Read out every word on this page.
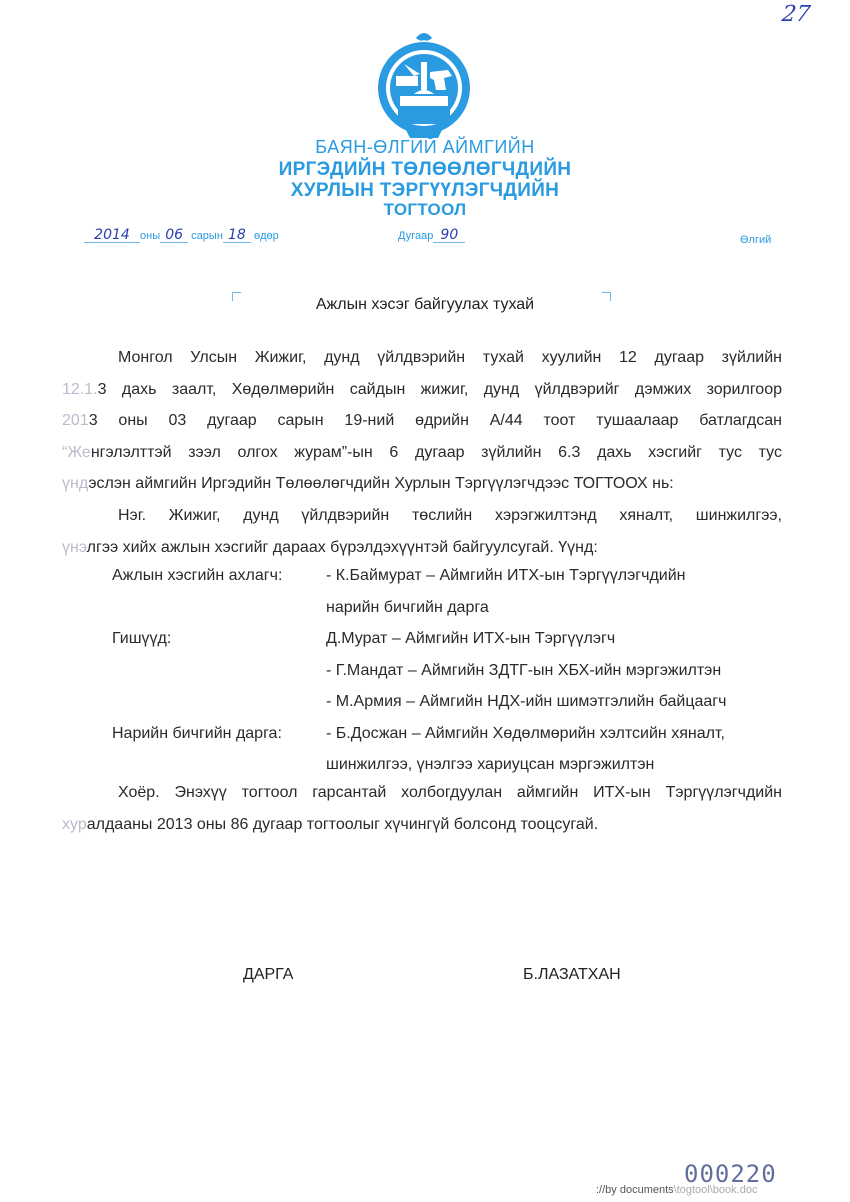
27
БАЯН-ӨЛГИЙ АЙМГИЙН
ИРГЭДИЙН ТӨЛӨӨЛӨГЧДИЙН
ХУРЛЫН ТЭРГҮҮЛЭГЧДИЙН
ТОГТООЛ
2014 оны 06 сарын 18 өдөр	Дугаар 90	Өлгий
Ажлын хэсэг байгуулах тухай
Монгол Улсын Жижиг, дунд үйлдвэрийн тухай хуулийн 12 дугаар зүйлийн
12.1.3 дахь заалт, Хөдөлмөрийн сайдын жижиг, дунд үйлдвэрийг дэмжих зорилгоор
2013 оны 03 дугаар сарын 19-ний өдрийн А/44 тоот тушаалаар батлагдсан
“Женгэлэлттэй зээл олгох журам”-ын 6 дугаар зүйлийн 6.3 дахь хэсгийг тус тус
үндэслэн аймгийн Иргэдийн Төлөөлөгчдийн Хурлын Тэргүүлэгчдээс ТОГТООХ нь:
Нэг. Жижиг, дунд үйлдвэрийн төслийн хэрэгжилтэнд хяналт, шинжилгээ,
үнэлгээ хийх ажлын хэсгийг дараах бүрэлдэхүүнтэй байгуулсугай. Үүнд:
Ажлын хэсгийн ахлагч:	- К.Баймурат – Аймгийн ИТХ-ын Тэргүүлэгчдийн
нарийн бичгийн дарга
Гишүүд:	Д.Мурат – Аймгийн ИТХ-ын Тэргүүлэгч
- Г.Мандат – Аймгийн ЗДТГ-ын ХБХ-ийн мэргэжилтэн
- М.Армия – Аймгийн НДХ-ийн шимэтгэлийн байцаагч
Нарийн бичгийн дарга:	- Б.Досжан – Аймгийн Хөдөлмөрийн хэлтсийн хяналт,
шинжилгээ, үнэлгээ хариуцсан мэргэжилтэн
Хоёр. Энэхүү тогтоол гарсантай холбогдуулан аймгийн ИТХ-ын Тэргүүлэгчдийн
хуралдааны 2013 оны 86 дугаар тогтоолыг хүчингүй болсонд тооцсугай.
ДАРГА	Б.ЛАЗАТХАН
000220
://by documents\togtool\book.doc
